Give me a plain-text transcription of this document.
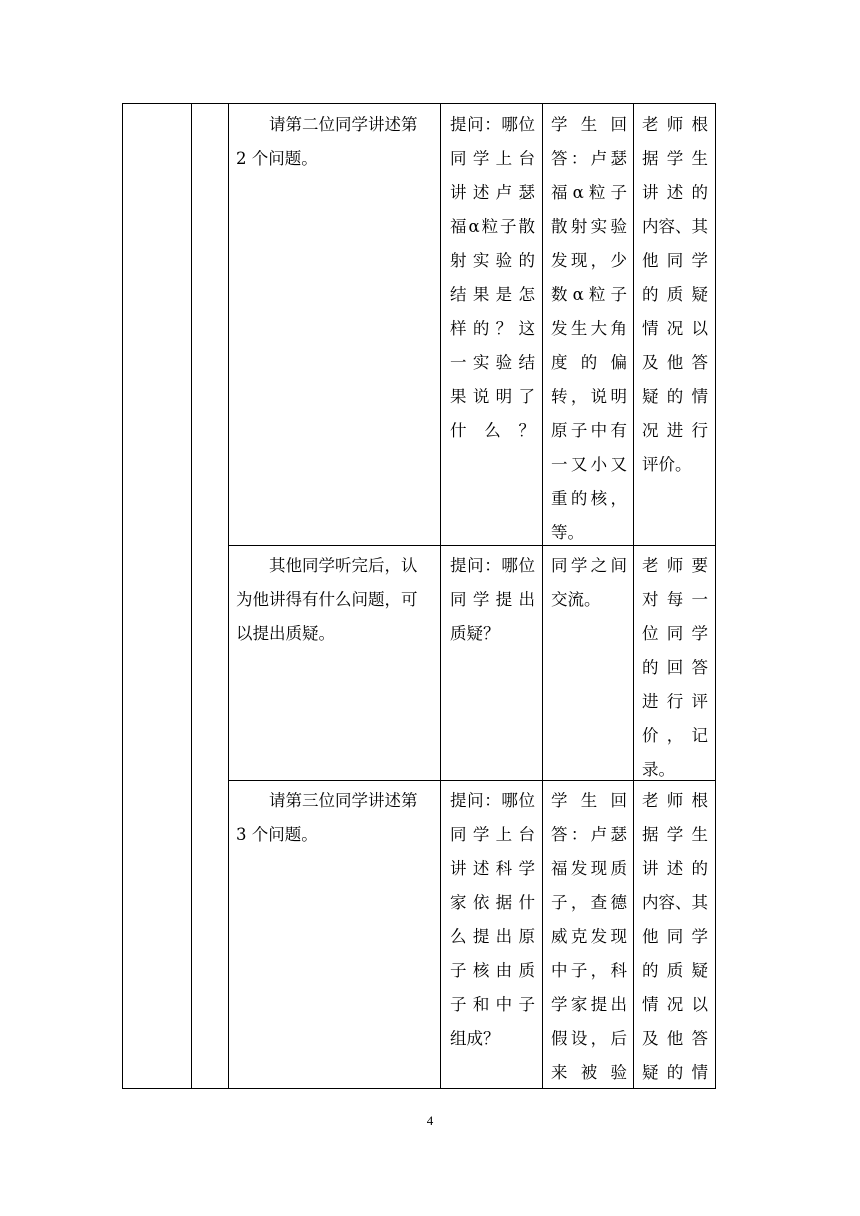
　　请第二位同学讲述第
2 个问题。
提问：哪位
同学上台
讲述卢瑟
福α粒子散
射实验的
结果是怎
样的？这
一实验结
果说明了
什么？
学生回
答：卢瑟
福α粒子
散射实验
发现，少
数α粒子
发生大角
度的偏
转，说明
原子中有
一又小又
重的核，
等。
老师根
据学生
讲述的
内容、其
他同学
的质疑
情况以
及他答
疑的情
况进行
评价。
　　其他同学听完后，认
为他讲得有什么问题，可
以提出质疑。
提问：哪位
同学提出
质疑？
同学之间
交流。
老师要
对每一
位同学
的回答
进行评
价，记
录。
　　请第三位同学讲述第
3 个问题。
提问：哪位
同学上台
讲述科学
家依据什
么提出原
子核由质
子和中子
组成？
学生回
答：卢瑟
福发现质
子，查德
威克发现
中子，科
学家提出
假设，后
来被验
老师根
据学生
讲述的
内容、其
他同学
的质疑
情况以
及他答
疑的情
4
